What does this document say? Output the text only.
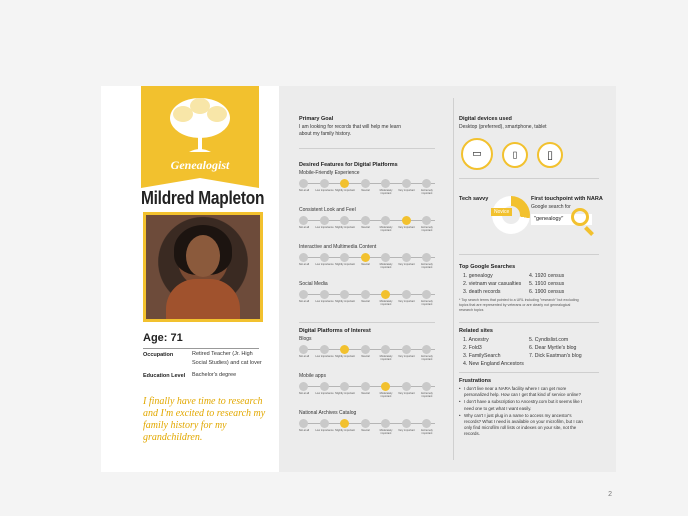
Genealogist
Mildred Mapleton
Age: 71
Occupation	Retired Teacher (Jr. High Social Studies) and cat lover
Education Level Bachelor's degree
I finally have time to research and I'm excited to research my family history for my grandchildren.
Primary Goal
I am looking for records that will help me learn about my family history.
Desired Features for Digital Platforms
Mobile-Friendly Experience
Not at all	Low importance Slightly important	Neutral	Moderately important
Very important	Extremely important
Consistent Look and Feel
Not at all	Low importance Slightly important	Neutral	Moderately important
Very important	Extremely important
Interactive and Multimedia Content
Not at all	Low importance Slightly important	Neutral	Moderately important
Very important	Extremely important
Social Media
Not at all	Low importance Slightly important	Neutral	Moderately important
Very important	Extremely important
Digital Platforms of Interest
Blogs
Not at all	Low importance Slightly important	Neutral	Moderately important
Very important	Extremely important
Mobile apps
Not at all	Low importance Slightly important	Neutral	Moderately important
Very important	Extremely important
National Archives Catalog
Not at all	Low importance Slightly important	Neutral	Moderately important
Very important	Extremely important
Digital devices used
Desktop (preferred), smartphone, tablet
▭	▯	▯
Tech savvy
Novice
First touchpoint with NARA
Google search for
"genealogy"
Top Google Searches
1. genealogy
2. vietnam war casualties
3. death records
4. 1920 census
5. 1910 census
6. 1900 census
* Top search terms that pointed to a URL including "research" but excluding topics that are represented by veterans or are clearly not genealogical research topics
Related sites
1. Ancestry
2. Fold3
3. FamilySearch
4. New England Ancestors
5. Cyndislist.com
6. Dear Myrtle's blog
7. Dick Eastman's blog
Frustrations
• I don't live near a NARA facility where I can get more personalized help. How can I get that kind of service online?
• I don't have a subscription to Ancestry.com but it seems like I need one to get what I want easily.
• Why can't I just plug in a name to access my ancestor's records? What I need is available on your microfilm, but I can only find microfilm roll lists or indexes on your site, not the records.
2
